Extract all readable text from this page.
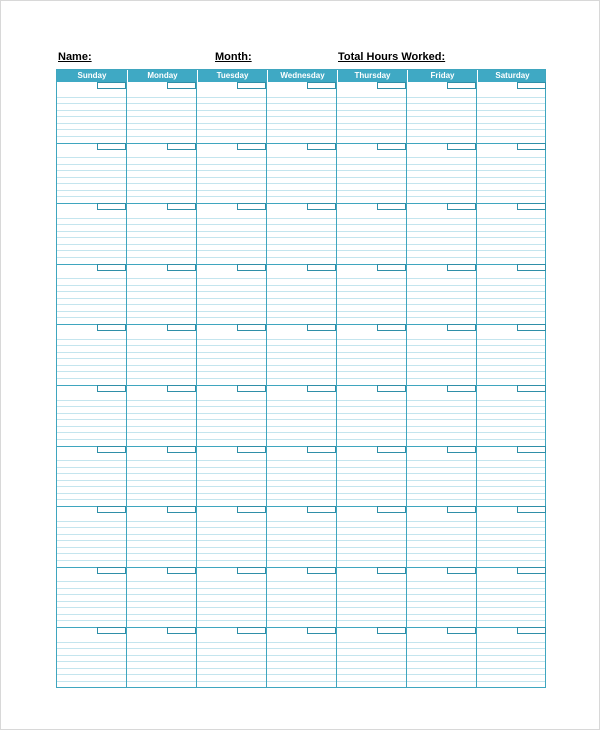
Name:	Month:	Total Hours Worked:
Sunday	Monday	Tuesday	Wednesday	Thursday	Friday	Saturday
